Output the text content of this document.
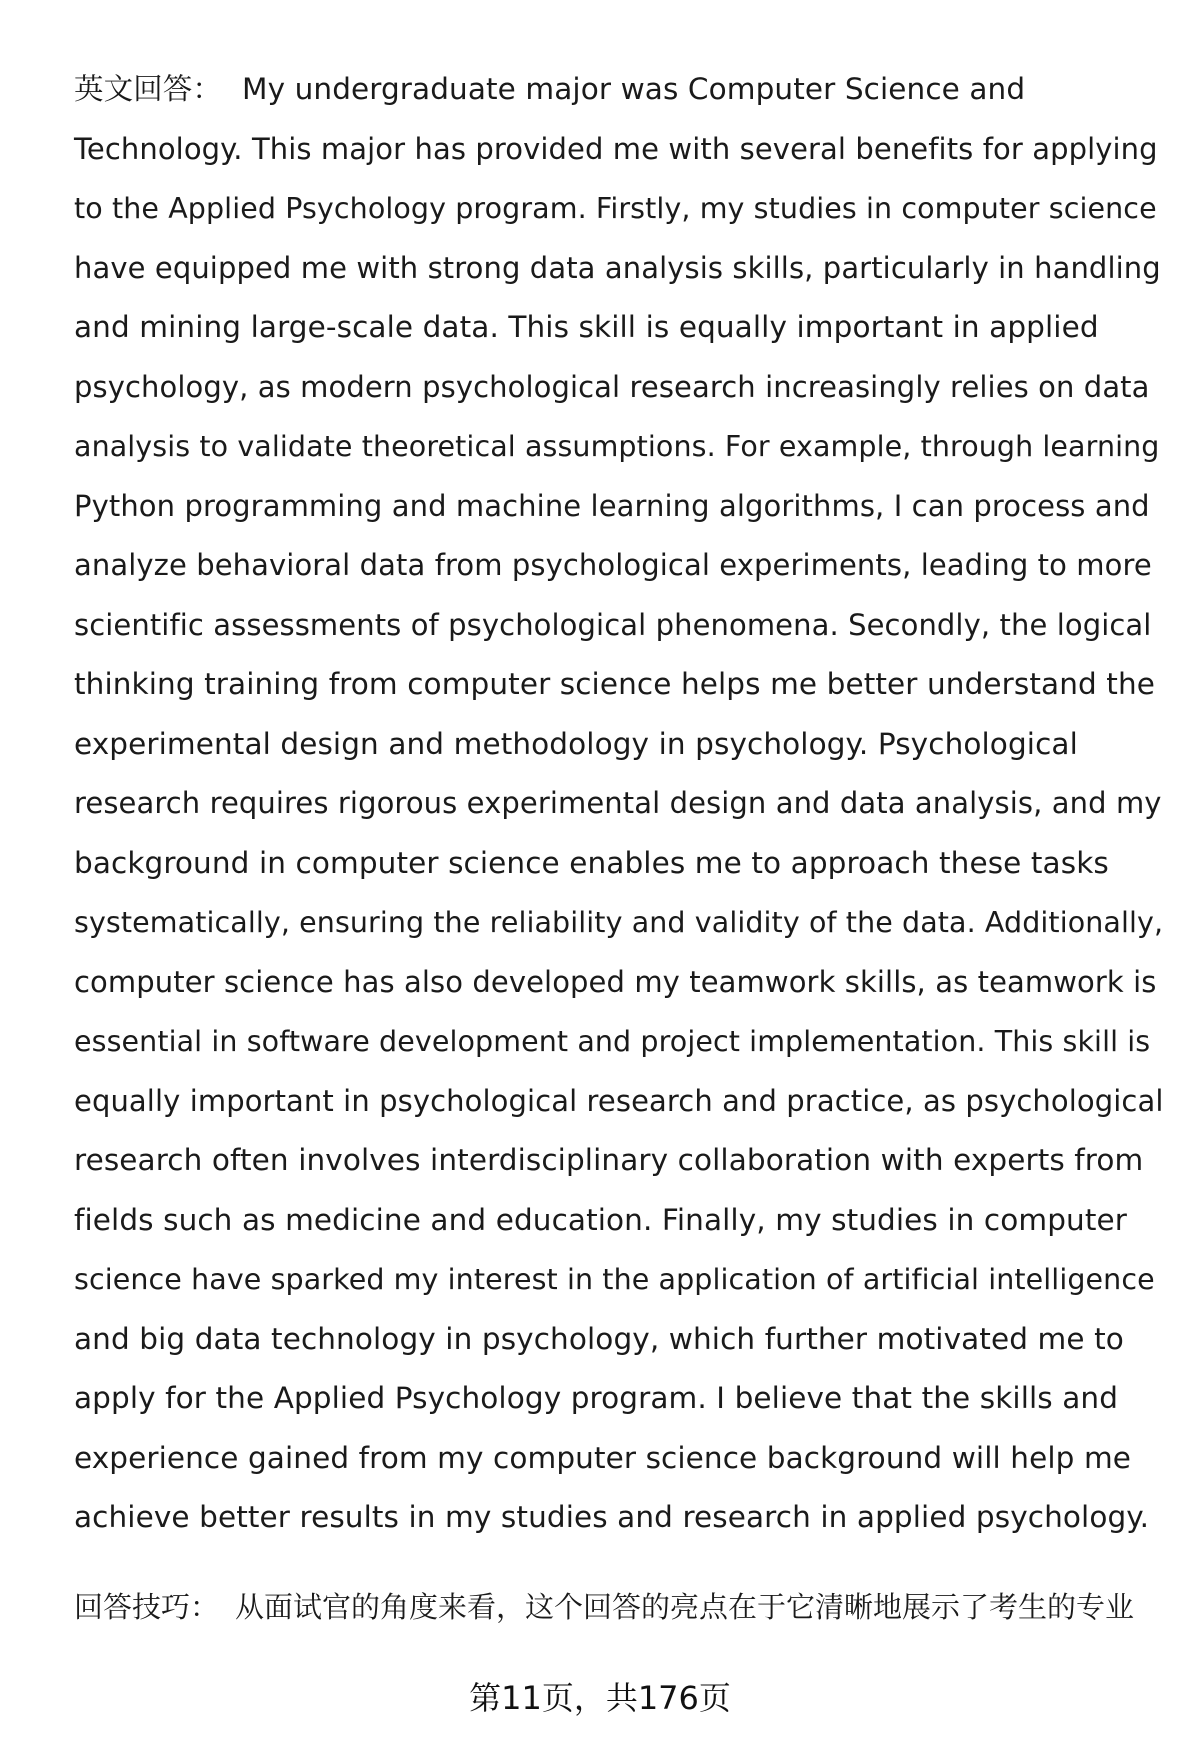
英文回答： My undergraduate major was Computer Science and
Technology. This major has provided me with several benefits for applying
to the Applied Psychology program. Firstly, my studies in computer science
have equipped me with strong data analysis skills, particularly in handling
and mining large-scale data. This skill is equally important in applied
psychology, as modern psychological research increasingly relies on data
analysis to validate theoretical assumptions. For example, through learning
Python programming and machine learning algorithms, I can process and
analyze behavioral data from psychological experiments, leading to more
scientific assessments of psychological phenomena. Secondly, the logical
thinking training from computer science helps me better understand the
experimental design and methodology in psychology. Psychological
research requires rigorous experimental design and data analysis, and my
background in computer science enables me to approach these tasks
systematically, ensuring the reliability and validity of the data. Additionally,
computer science has also developed my teamwork skills, as teamwork is
essential in software development and project implementation. This skill is
equally important in psychological research and practice, as psychological
research often involves interdisciplinary collaboration with experts from
fields such as medicine and education. Finally, my studies in computer
science have sparked my interest in the application of artificial intelligence
and big data technology in psychology, which further motivated me to
apply for the Applied Psychology program. I believe that the skills and
experience gained from my computer science background will help me
achieve better results in my studies and research in applied psychology.
回答技巧： 从面试官的角度来看，这个回答的亮点在于它清晰地展示了考生的专业
第11页，共176页
